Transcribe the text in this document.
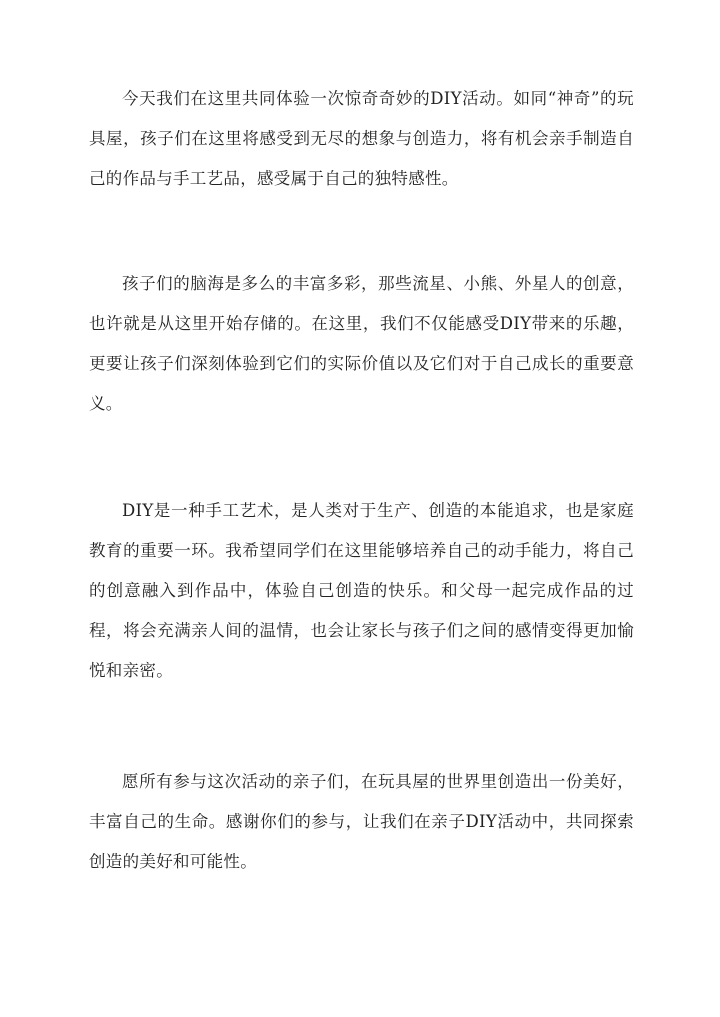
今天我们在这里共同体验一次惊奇奇妙的DIY活动。如同“神奇”的玩具屋，孩子们在这里将感受到无尽的想象与创造力，将有机会亲手制造自己的作品与手工艺品，感受属于自己的独特感性。

孩子们的脑海是多么的丰富多彩，那些流星、小熊、外星人的创意，也许就是从这里开始存储的。在这里，我们不仅能感受DIY带来的乐趣，更要让孩子们深刻体验到它们的实际价值以及它们对于自己成长的重要意义。

DIY是一种手工艺术，是人类对于生产、创造的本能追求，也是家庭教育的重要一环。我希望同学们在这里能够培养自己的动手能力，将自己的创意融入到作品中，体验自己创造的快乐。和父母一起完成作品的过程，将会充满亲人间的温情，也会让家长与孩子们之间的感情变得更加愉悦和亲密。

愿所有参与这次活动的亲子们，在玩具屋的世界里创造出一份美好，丰富自己的生命。感谢你们的参与，让我们在亲子DIY活动中，共同探索创造的美好和可能性。
